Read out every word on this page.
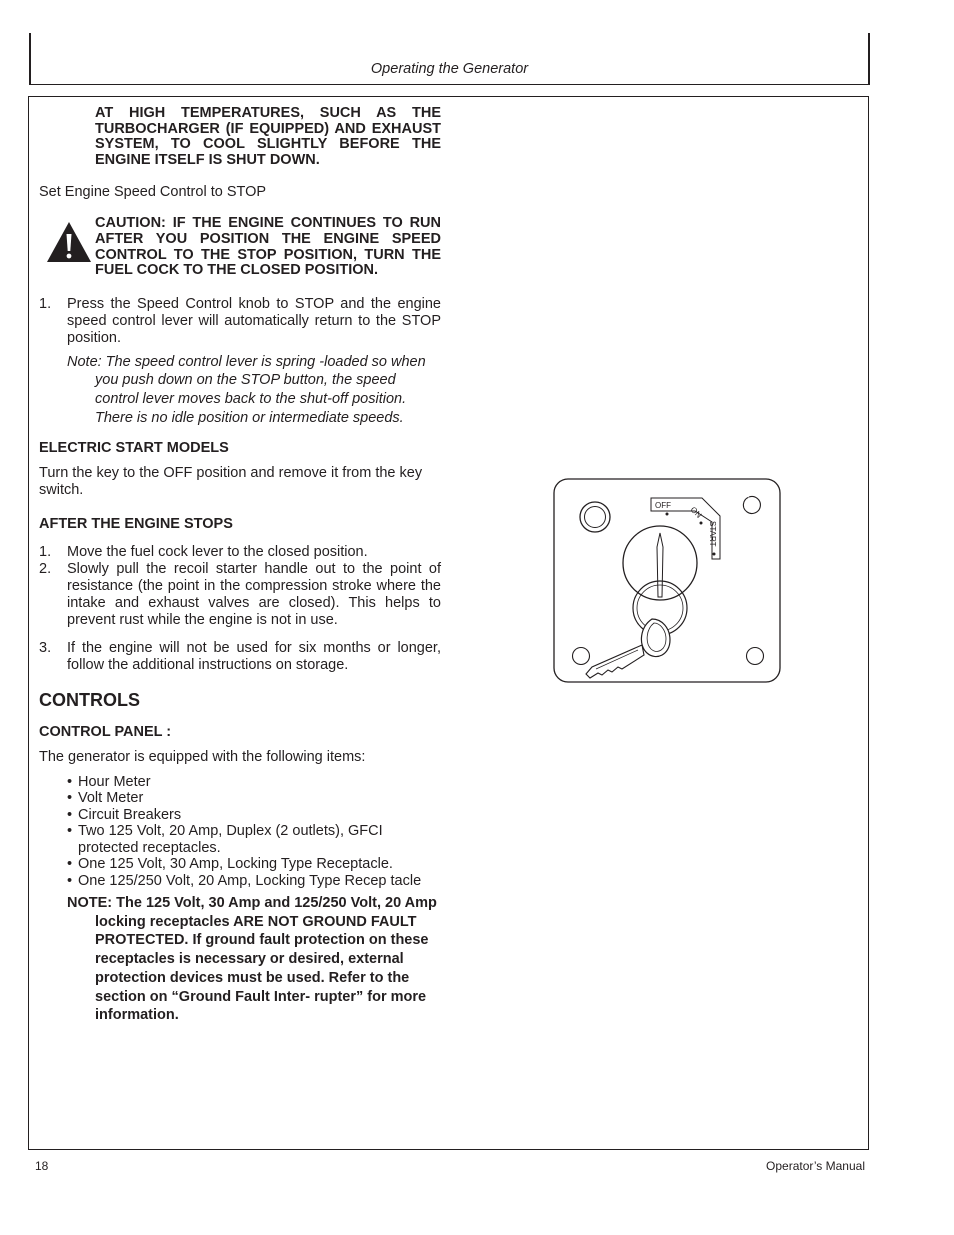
Operating the Generator
AT HIGH TEMPERATURES, SUCH AS THE TURBOCHARGER (IF EQUIPPED) AND EXHAUST SYSTEM, TO COOL SLIGHTLY BEFORE THE ENGINE ITSELF IS SHUT DOWN.

Set Engine Speed Control to STOP

CAUTION: IF THE ENGINE CONTINUES TO RUN AFTER YOU POSITION THE ENGINE SPEED CONTROL TO THE STOP POSITION, TURN THE FUEL COCK TO THE CLOSED POSITION.
1. Press the Speed Control knob to STOP and the engine speed control lever will automatically return to the STOP position.
Note: The speed control lever is spring -loaded so when you push down on the STOP button, the speed control lever moves back to the shut-off position. There is no idle position or intermediate speeds.
ELECTRIC START MODELS

Turn the key to the OFF position and remove it from the key switch.

AFTER THE ENGINE STOPS
1. Move the fuel cock lever to the closed position.
2. Slowly pull the recoil starter handle out to the point of resistance (the point in the compression stroke where the intake and exhaust valves are closed). This helps to prevent rust while the engine is not in use.
3. If the engine will not be used for six months or longer, follow the additional instructions on storage.
CONTROLS
CONTROL PANEL :

The generator is equipped with the following items:

• Hour Meter
• Volt Meter
• Circuit Breakers
• Two 125 Volt, 20 Amp, Duplex (2 outlets), GFCI protected receptacles.
• One 125 Volt, 30 Amp, Locking Type Receptacle.
• One 125/250 Volt, 20 Amp, Locking Type Recep tacle
NOTE: The 125 Volt, 30 Amp and 125/250 Volt, 20 Amp locking receptacles ARE NOT GROUND FAULT PROTECTED. If ground fault protection on these receptacles is necessary or desired, external protection devices must be used. Refer to the section on “Ground Fault Inter- rupter” for more information.
OFF ON
START
18	Operator’s Manual
